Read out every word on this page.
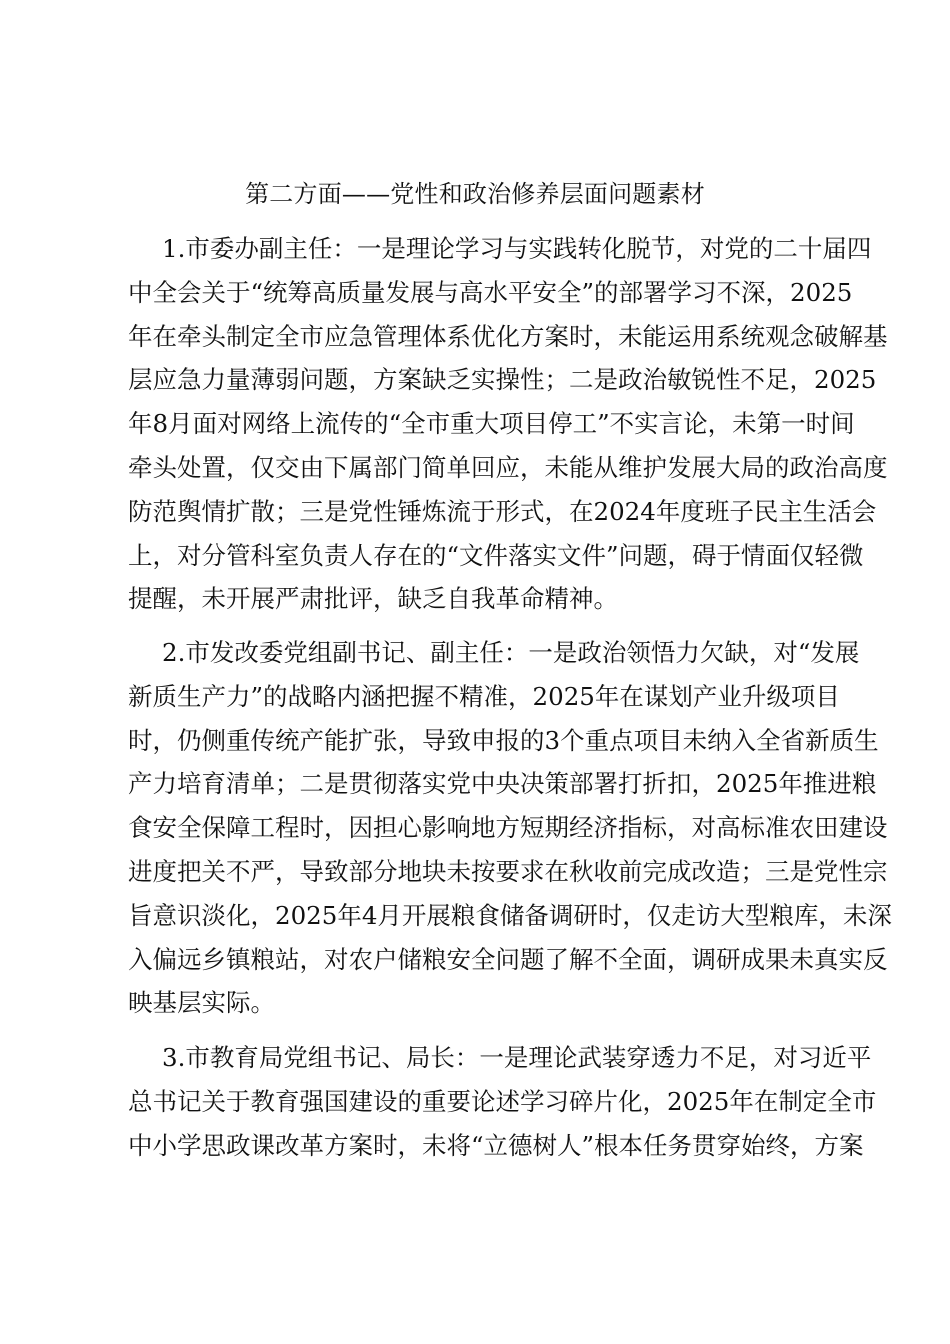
第二方面——党性和政治修养层面问题素材
1.市委办副主任：一是理论学习与实践转化脱节，对党的二十届四
中全会关于“统筹高质量发展与高水平安全”的部署学习不深，2025
年在牵头制定全市应急管理体系优化方案时，未能运用系统观念破解基
层应急力量薄弱问题，方案缺乏实操性；二是政治敏锐性不足，2025
年8月面对网络上流传的“全市重大项目停工”不实言论，未第一时间
牵头处置，仅交由下属部门简单回应，未能从维护发展大局的政治高度
防范舆情扩散；三是党性锤炼流于形式，在2024年度班子民主生活会
上，对分管科室负责人存在的“文件落实文件”问题，碍于情面仅轻微
提醒，未开展严肃批评，缺乏自我革命精神。
2.市发改委党组副书记、副主任：一是政治领悟力欠缺，对“发展
新质生产力”的战略内涵把握不精准，2025年在谋划产业升级项目
时，仍侧重传统产能扩张，导致申报的3个重点项目未纳入全省新质生
产力培育清单；二是贯彻落实党中央决策部署打折扣，2025年推进粮
食安全保障工程时，因担心影响地方短期经济指标，对高标准农田建设
进度把关不严，导致部分地块未按要求在秋收前完成改造；三是党性宗
旨意识淡化，2025年4月开展粮食储备调研时，仅走访大型粮库，未深
入偏远乡镇粮站，对农户储粮安全问题了解不全面，调研成果未真实反
映基层实际。
3.市教育局党组书记、局长：一是理论武装穿透力不足，对习近平
总书记关于教育强国建设的重要论述学习碎片化，2025年在制定全市
中小学思政课改革方案时，未将“立德树人”根本任务贯穿始终，方案
